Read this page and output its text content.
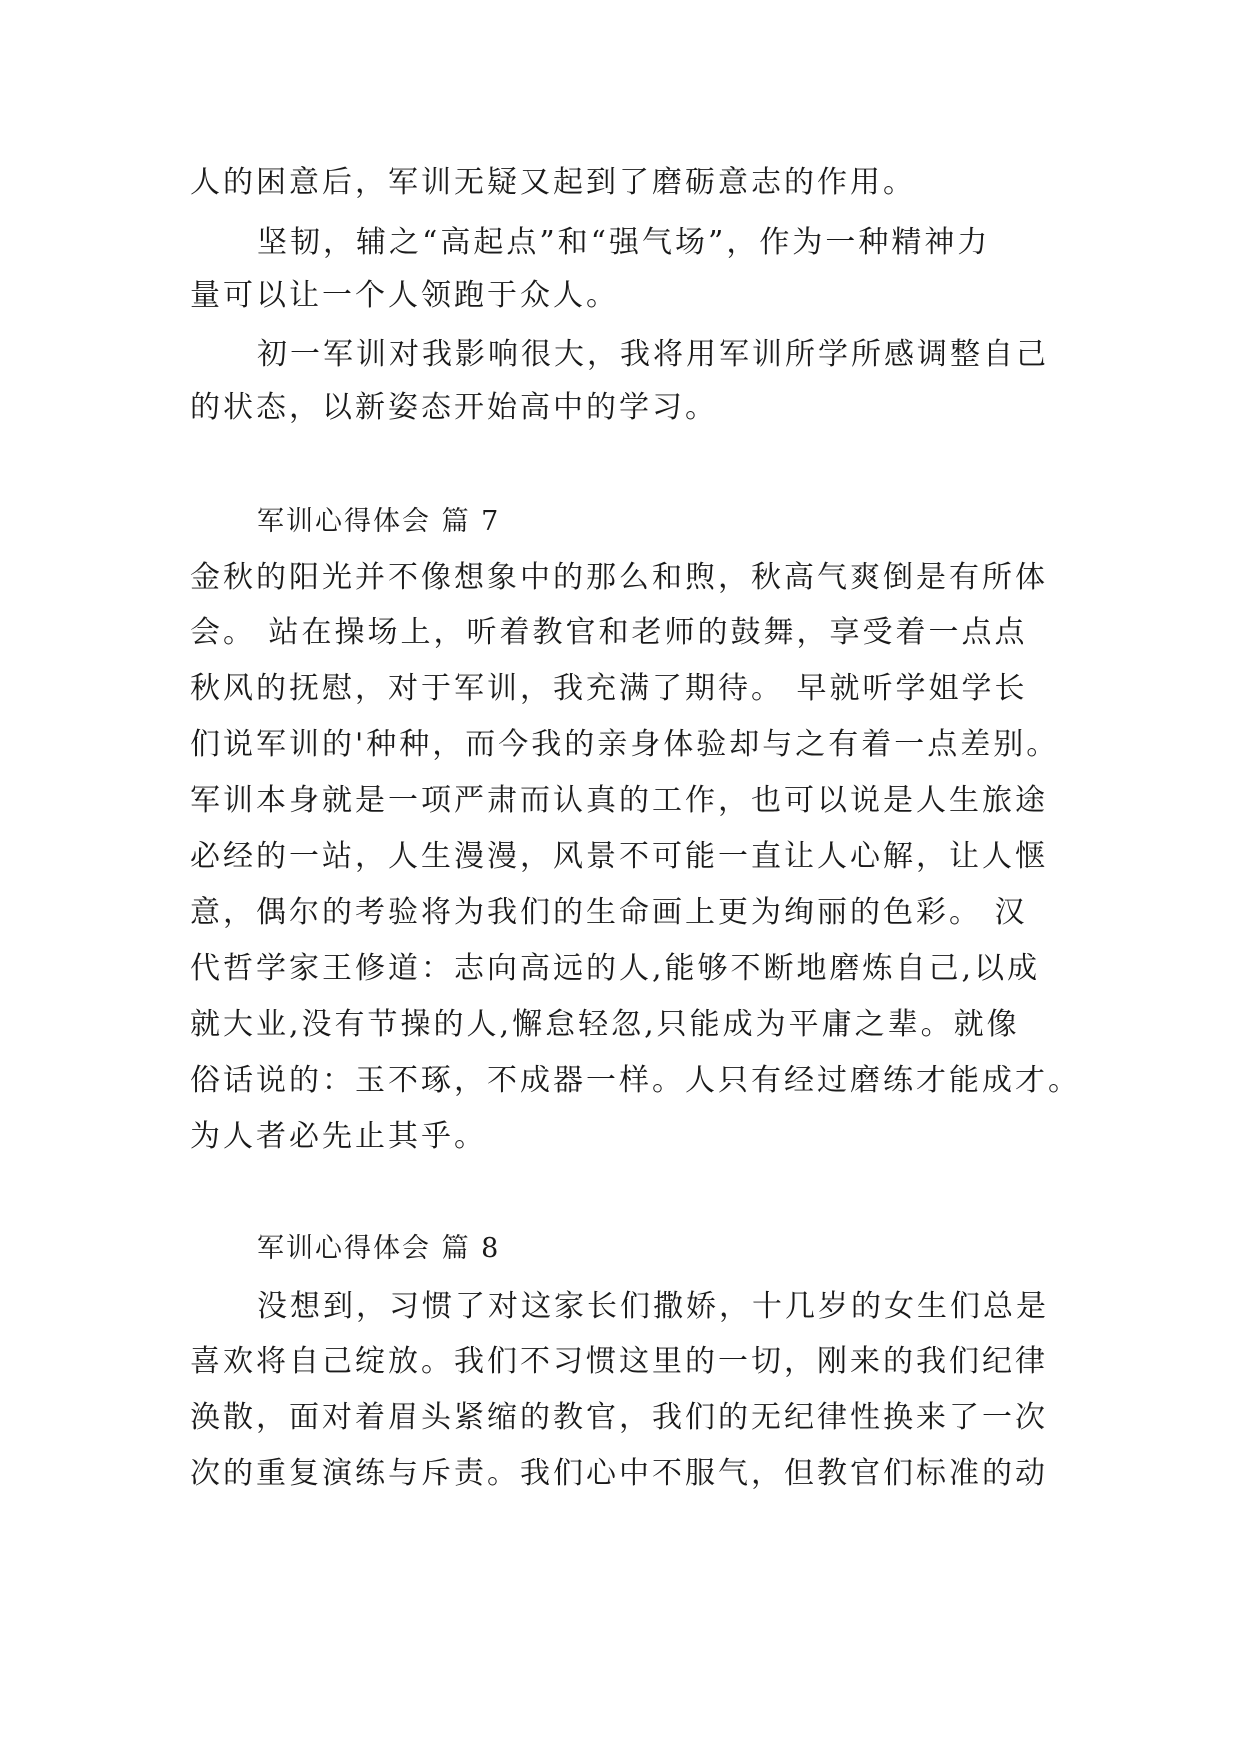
人的困意后，军训无疑又起到了磨砺意志的作用。
坚韧，辅之“高起点”和“强气场”，作为一种精神力
量可以让一个人领跑于众人。
初一军训对我影响很大，我将用军训所学所感调整自己
的状态，以新姿态开始高中的学习。
军训心得体会 篇 7
金秋的阳光并不像想象中的那么和煦，秋高气爽倒是有所体
会。 站在操场上，听着教官和老师的鼓舞，享受着一点点
秋风的抚慰，对于军训，我充满了期待。 早就听学姐学长
们说军训的'种种，而今我的亲身体验却与之有着一点差别。
军训本身就是一项严肃而认真的工作，也可以说是人生旅途
必经的一站，人生漫漫，风景不可能一直让人心解，让人惬
意，偶尔的考验将为我们的生命画上更为绚丽的色彩。 汉
代哲学家王修道：志向高远的人,能够不断地磨炼自己,以成
就大业,没有节操的人,懈怠轻忽,只能成为平庸之辈。就像
俗话说的：玉不琢，不成器一样。人只有经过磨练才能成才。
为人者必先止其乎。
军训心得体会 篇 8
没想到，习惯了对这家长们撒娇，十几岁的女生们总是
喜欢将自己绽放。我们不习惯这里的一切，刚来的我们纪律
涣散，面对着眉头紧缩的教官，我们的无纪律性换来了一次
次的重复演练与斥责。我们心中不服气，但教官们标准的动
